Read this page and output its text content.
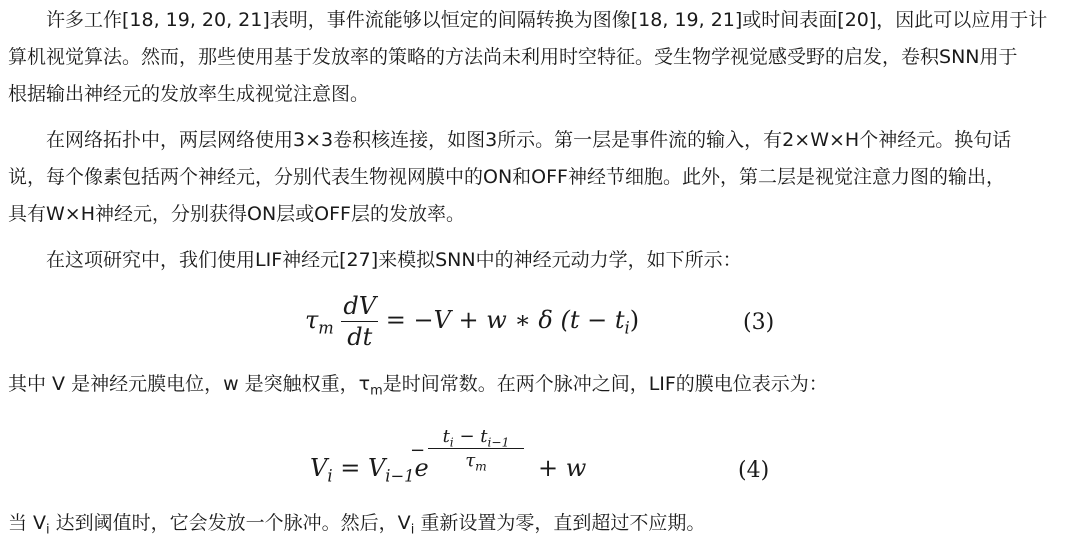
许多工作[18, 19, 20, 21]表明，事件流能够以恒定的间隔转换为图像[18, 19, 21]或时间表面[20]，因此可以应用于计
算机视觉算法。然而，那些使用基于发放率的策略的方法尚未利用时空特征。受生物学视觉感受野的启发，卷积SNN用于
根据输出神经元的发放率生成视觉注意图。
在网络拓扑中，两层网络使用3×3卷积核连接，如图3所示。第一层是事件流的输入，有2×W×H个神经元。换句话
说，每个像素包括两个神经元，分别代表生物视网膜中的ON和OFF神经节细胞。此外，第二层是视觉注意力图的输出，
具有W×H神经元，分别获得ON层或OFF层的发放率。
在这项研究中，我们使用LIF神经元[27]来模拟SNN中的神经元动力学，如下所示：
$\tau_m \frac{dV}{dt} = -V + w$ ∗ δ $(t - t_i)$	(3)
其中 V 是神经元膜电位，w 是突触权重，$\tau_m$是时间常数。在两个脉冲之间，LIF的膜电位表示为：
$V_i = V_{i-1}e$
−
$t_i - t_{i-1}$
$\tau_m$	+ w	(4)
当 $V_i$ 达到阈值时，它会发放一个脉冲。然后，$V_i$ 重新设置为零，直到超过不应期。
